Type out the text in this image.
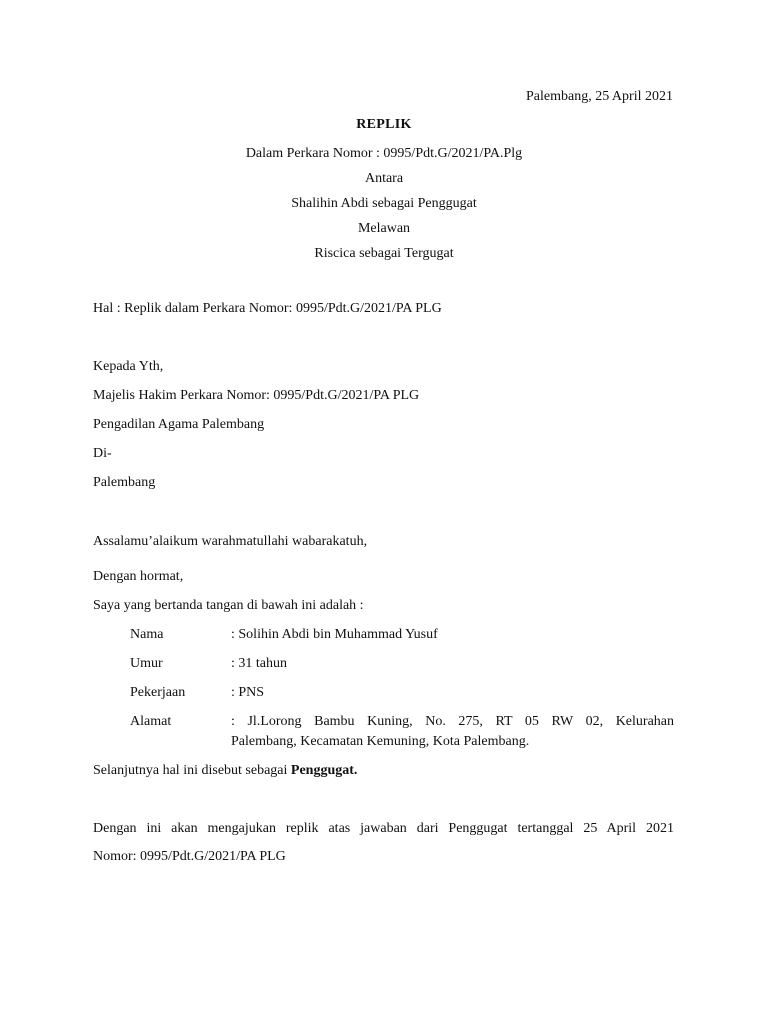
Palembang, 25 April 2021
REPLIK
Dalam Perkara Nomor : 0995/Pdt.G/2021/PA.Plg
Antara
Shalihin Abdi sebagai Penggugat
Melawan
Riscica sebagai Tergugat
Hal : Replik dalam Perkara Nomor: 0995/Pdt.G/2021/PA PLG
Kepada Yth,
Majelis Hakim Perkara Nomor: 0995/Pdt.G/2021/PA PLG
Pengadilan Agama Palembang
Di-
Palembang
Assalamu’alaikum warahmatullahi wabarakatuh,
Dengan hormat,
Saya yang bertanda tangan di bawah ini adalah :
Nama	: Solihin Abdi bin Muhammad Yusuf
Umur	: 31 tahun
Pekerjaan	: PNS
Alamat	: Jl.Lorong Bambu Kuning, No. 275, RT 05 RW 02, Kelurahan
Palembang, Kecamatan Kemuning, Kota Palembang.
Selanjutnya hal ini disebut sebagai Penggugat.
Dengan ini akan mengajukan replik atas jawaban dari Penggugat tertanggal 25 April 2021
Nomor: 0995/Pdt.G/2021/PA PLG
